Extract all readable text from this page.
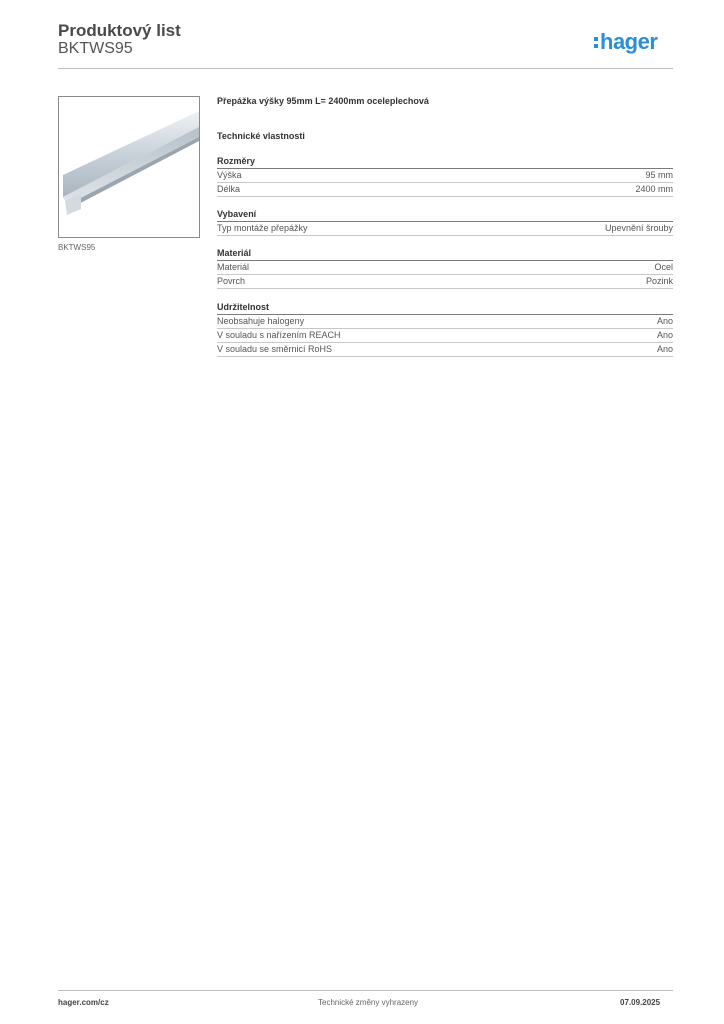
Produktový list
BKTWS95	hager
BKTWS95
Přepážka výšky 95mm L= 2400mm oceleplechová
Technické vlastnosti
Rozměry
Výška	95 mm
Délka	2400 mm
Vybavení
Typ montáže přepážky	Upevnění šrouby
Materiál
Materiál	Ocel
Povrch	Pozink
Udržitelnost
Neobsahuje halogeny	Ano
V souladu s nařízením REACH	Ano
V souladu se směrnicí RoHS	Ano
hager.com/cz	Technické změny vyhrazeny	07.09.2025
